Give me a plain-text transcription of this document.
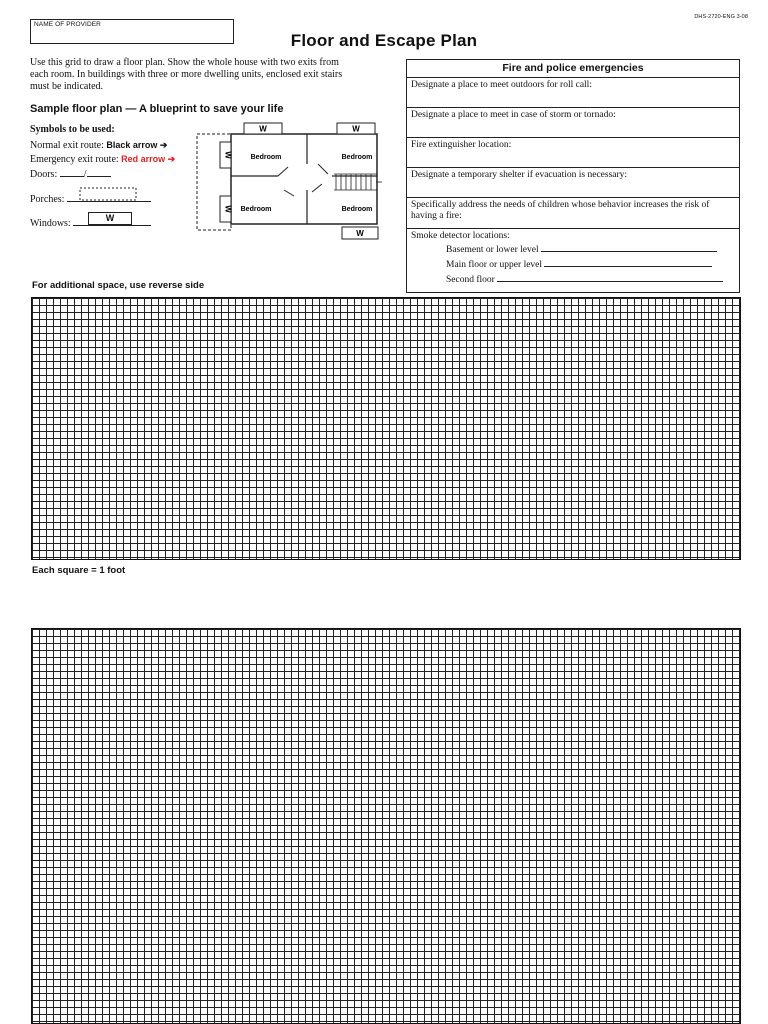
NAME OF PROVIDER
DHS-2720-ENG 3-08
Floor and Escape Plan
Use this grid to draw a floor plan. Show the whole house with two exits from each room. In buildings with three or more dwelling units, enclosed exit stairs must be indicated.
Sample floor plan — A blueprint to save your life
Symbols to be used:
Normal exit route: Black arrow ➔
Emergency exit route: Red arrow ➔
Doors:	/
Porches:
Windows:	W
W	W
W
W
W
Bedroom	Bedroom
Bedroom	Bedroom
Fire and police emergencies
Designate a place to meet outdoors for roll call:
Designate a place to meet in case of storm or tornado:
Fire extinguisher location:
Designate a temporary shelter if evacuation is necessary:
Specifically address the needs of children whose behavior increases the risk of having a fire:
Smoke detector locations:
Basement or lower level
Main floor or upper level
Second floor
For additional space, use reverse side
Each square = 1 foot
